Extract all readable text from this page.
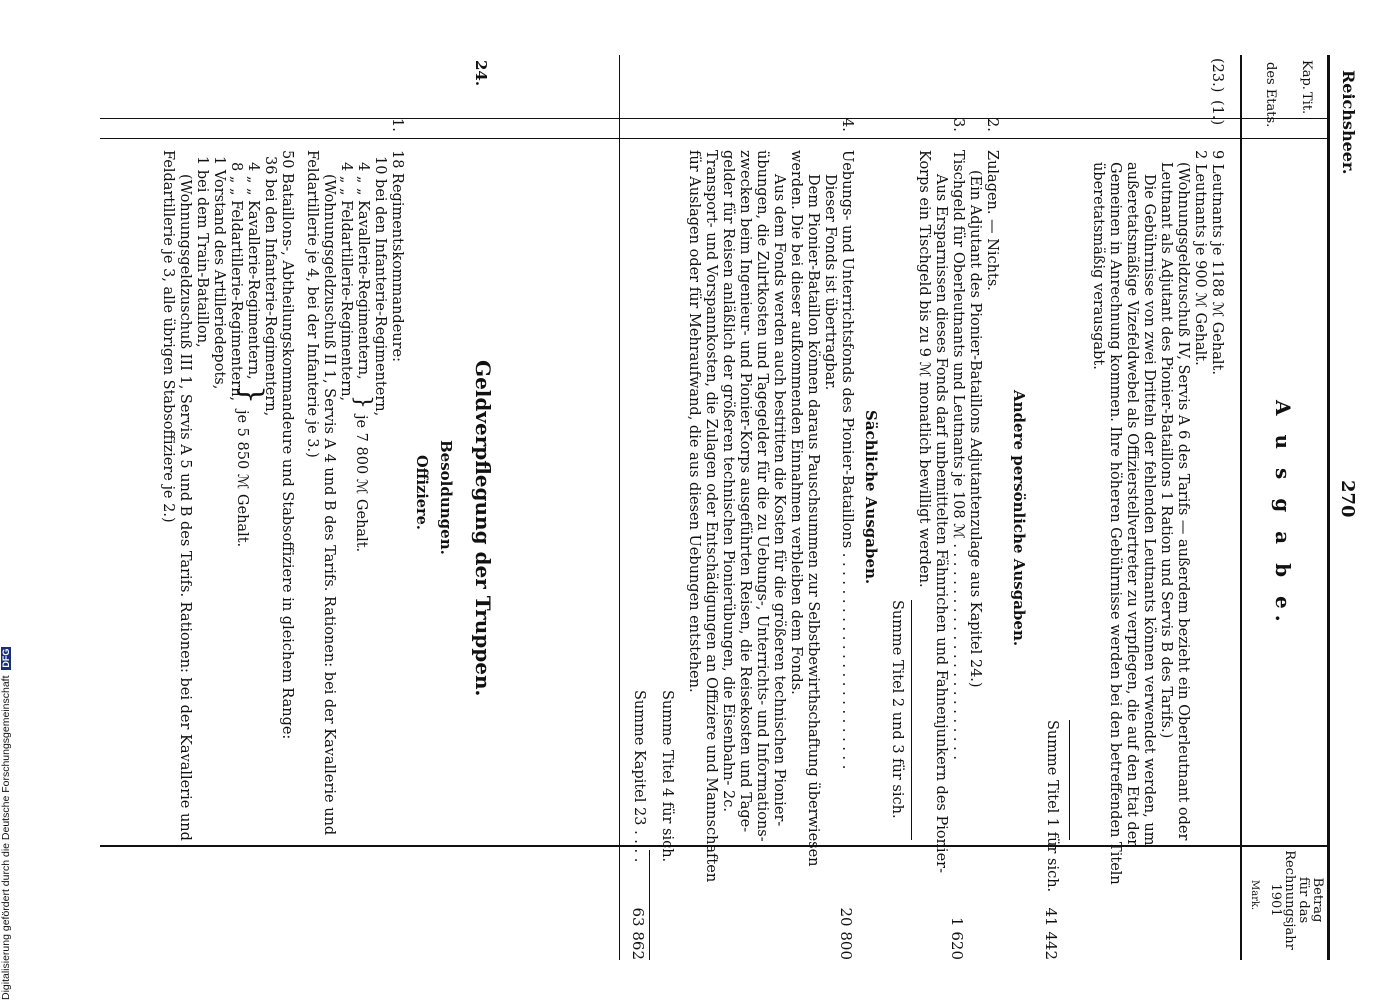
Reichsheer.
270
Kap.
Tit.
des Etats.
A u s g a b e.
Betrag
für das
Rechnungsjahr
1901
Mark.
(23.)
(1.)
9 Leutnants je 1188 ℳ Gehalt.
2 Leutnants je 900 ℳ Gehalt.
(Wohnungsgeldzuschuß IV, Servis A 6 des Tarifs — außerdem bezieht ein Oberleutnant oder
Leutnant als Adjutant des Pionier-Bataillons 1 Ration und Servis B des Tarifs.)
Die Gebührnisse von zwei Dritteln der fehlenden Leutnants können verwendet werden, um
außeretatsmäßige Vizefeldwebel als Offizierstellvertreter zu verpflegen, die auf den Etat der
Gemeinen in Anrechnung kommen. Ihre höheren Gebührnisse werden bei den betreffenden Titeln
überetatsmäßig verausgabt.
Summe Titel 1 für sich.
41 442
Andere persönliche Ausgaben.
2.
Zulagen. — Nichts.
(Ein Adjutant des Pionier-Bataillons Adjutantenzulage aus Kapitel 24.)
3.
Tischgeld für Oberleutnants und Leutnants je 108 ℳ . . . . . . . . . . . . . . . . . . . . . . . .
Aus Ersparnissen dieses Fonds darf unbemittelten Fähnrichen und Fahnenjunkern des Pionier-
Korps ein Tischgeld bis zu 9 ℳ monatlich bewilligt werden.
1 620
Summe Titel 2 und 3 für sich.
Sächliche Ausgaben.
4.
Uebungs- und Unterrichtsfonds des Pionier-Bataillons . . . . . . . . . . . . . . . . . . . . . . . .
Dieser Fonds ist übertragbar.
Dem Pionier-Bataillon können daraus Pauschsummen zur Selbstbewirthschaftung überwiesen
werden. Die bei dieser aufkommenden Einnahmen verbleiben dem Fonds.
Aus dem Fonds werden auch bestritten die Kosten für die größeren technischen Pionier-
übungen, die Zulrtkosten und Tagegelder für die zu Uebungs-, Unterrichts- und Informations-
zwecken beim Ingenieur- und Pionier-Korps ausgeführten Reisen, die Reisekosten und Tage-
gelder für Reisen anläßlich der größeren technischen Pionierübungen, die Eisenbahn- 2c.
Transport- und Vorspannkosten, die Zulagen oder Entschädigungen an Offiziere und Mannschaften
für Auslagen oder für Mehraufwand, die aus diesen Uebungen entstehen.
20 800
Summe Titel 4 für sich.
Summe Kapitel 23 . . . .
63 862
24.
Geldverpflegung der Truppen.
Besoldungen.
Offiziere.
1.
18 Regimentskommandeure:
10 bei den Infanterie-Regimentern,
4 „ „ Kavallerie-Regimentern,
4 „ „ Feldartillerie-Regimentern,
(Wohnungsgeldzuschuß II 1, Servis A 4 und B des Tarifs. Rationen: bei der Kavallerie und
Feldartillerie je 4, bei der Infanterie je 3.) }
je 7 800 ℳ Gehalt.
50 Bataillons-, Abtheilungskommandeure und Stabsoffiziere in gleichem Range:
36 bei den Infanterie-Regimentern,
4 „ „ Kavallerie-Regimentern,
8 „ „ Feldartillerie-Regimentern,
1 Vorstand des Artilleriedepots,
1 bei dem Train-Bataillon,
(Wohnungsgeldzuschuß III 1, Servis A 5 und B des Tarifs. Rationen: bei der Kavallerie und
Feldartillerie je 3, alle übrigen Stabsoffiziere je 2.) }
je 5 850 ℳ Gehalt.
Digitalisierung gefördert durch die Deutsche Forschungsgemeinschaft DFG
